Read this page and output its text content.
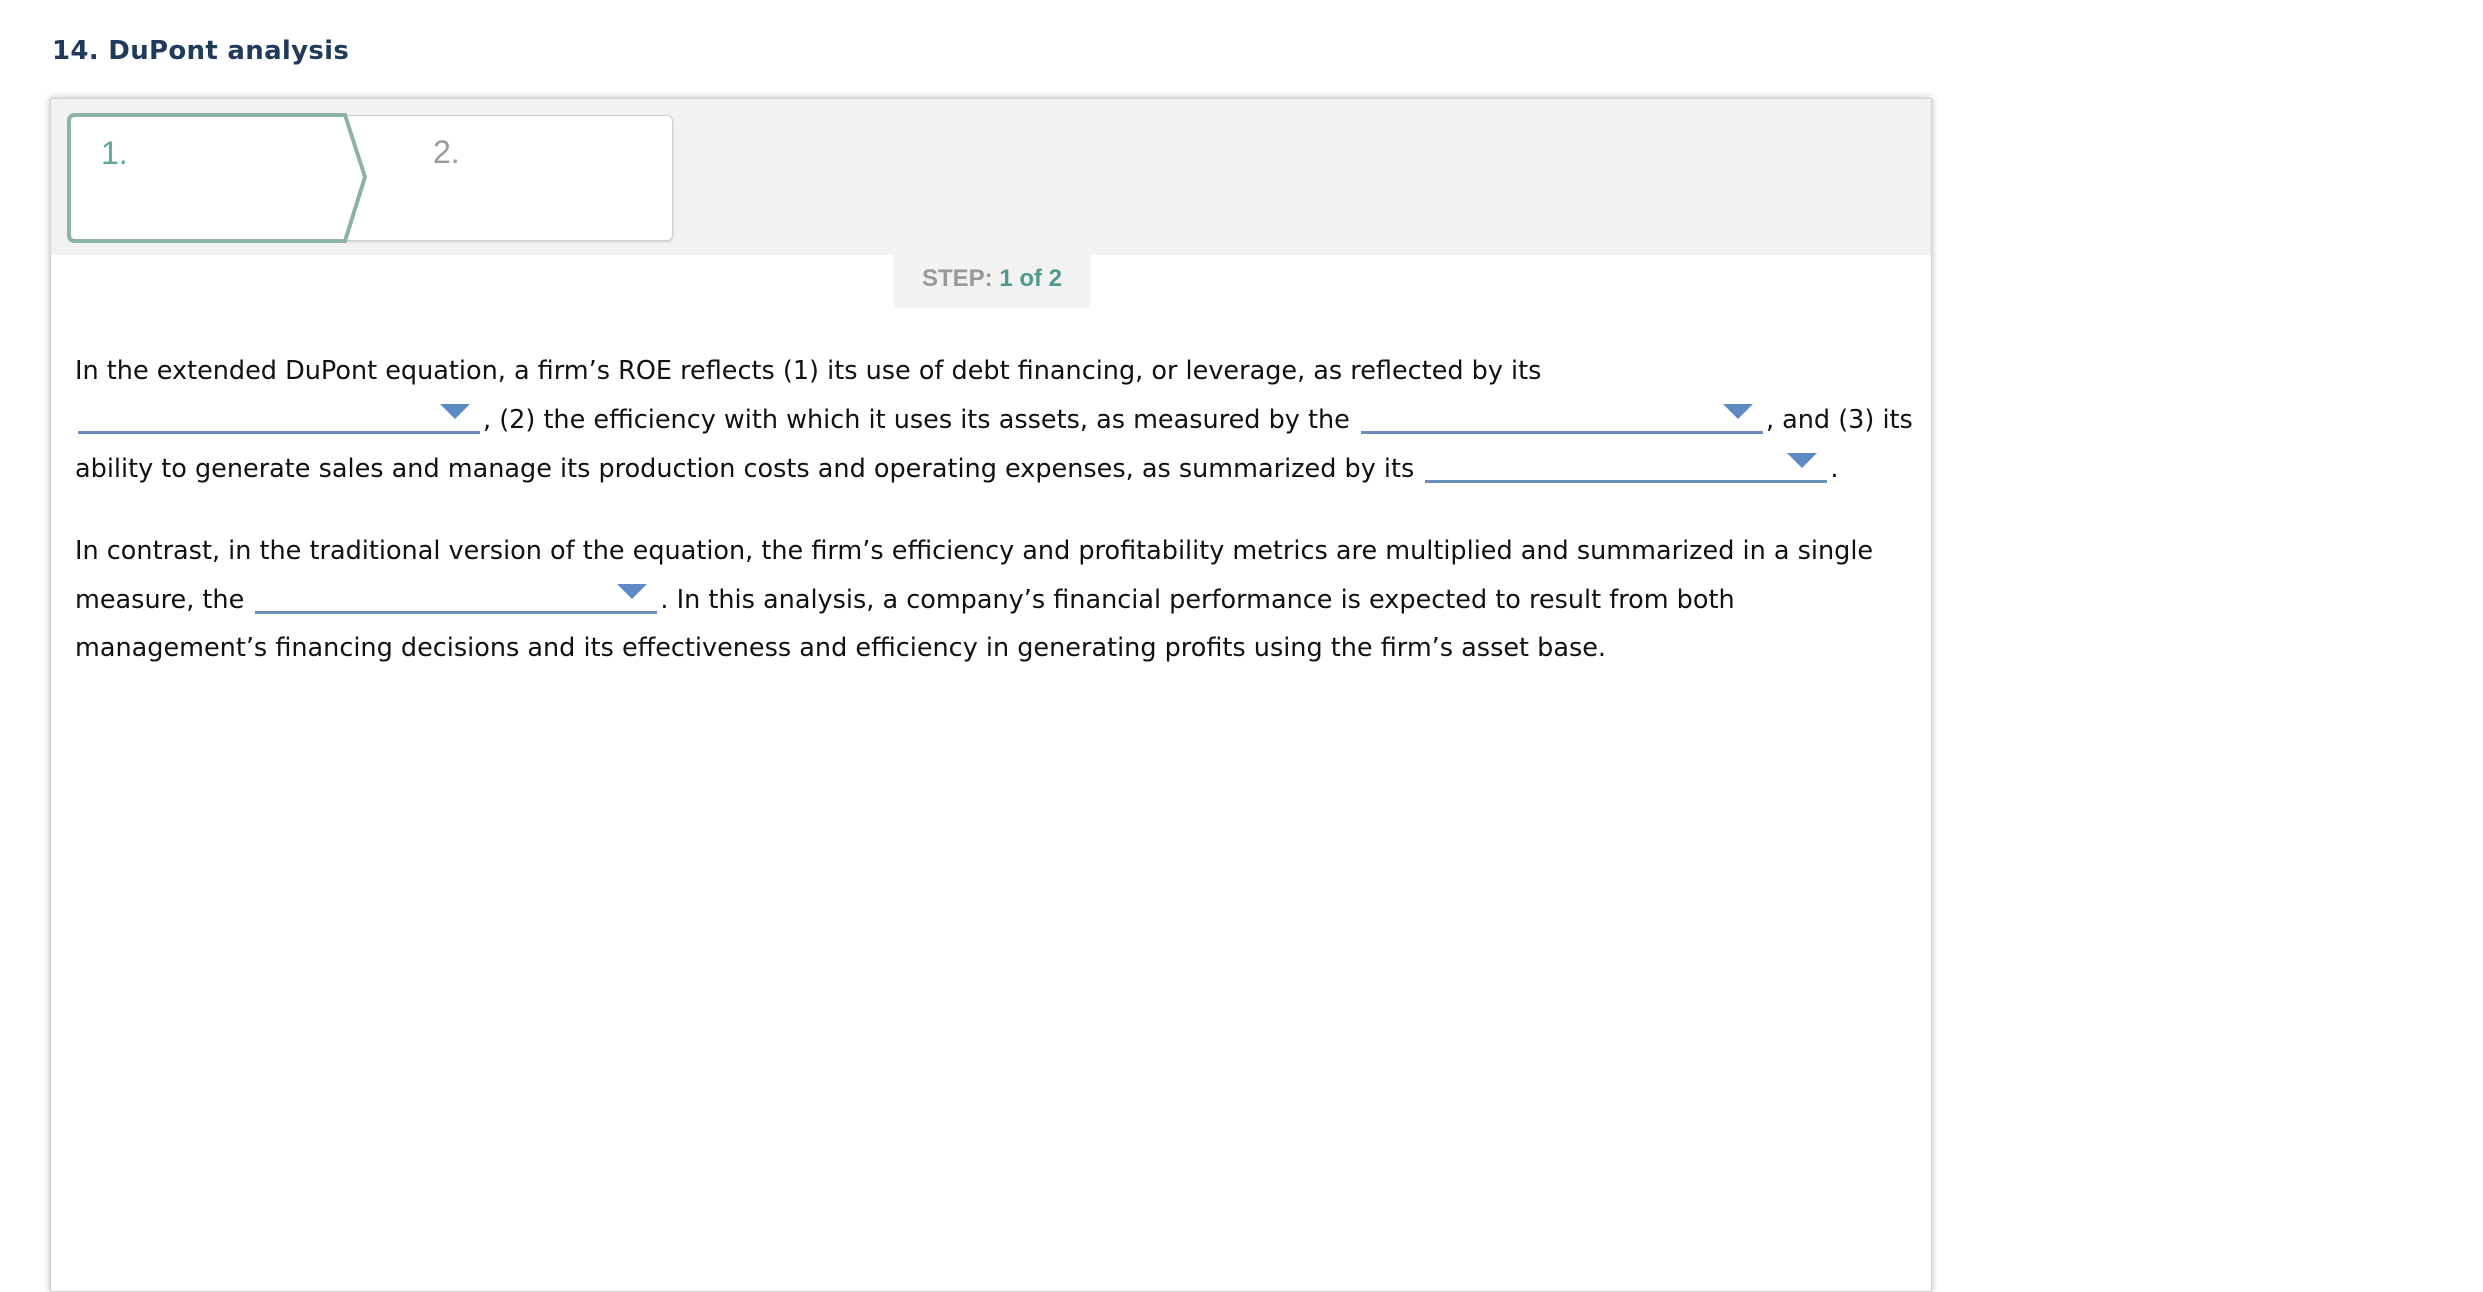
14. DuPont analysis
2.
1.
STEP: 1 of 2

In the extended DuPont equation, a firm’s ROE reflects (1) its use of debt financing, or leverage, as reflected by its
, (2) the efficiency with which it uses its assets, as measured by the	, and (3) its ability to generate sales and manage its production costs and operating expenses, as summarized by its	.

In contrast, in the traditional version of the equation, the firm’s efficiency and profitability metrics are multiplied and summarized in a single measure, the	. In this analysis, a company’s financial performance is expected to result from both management’s financing decisions and its effectiveness and efficiency in generating profits using the firm’s asset base.
